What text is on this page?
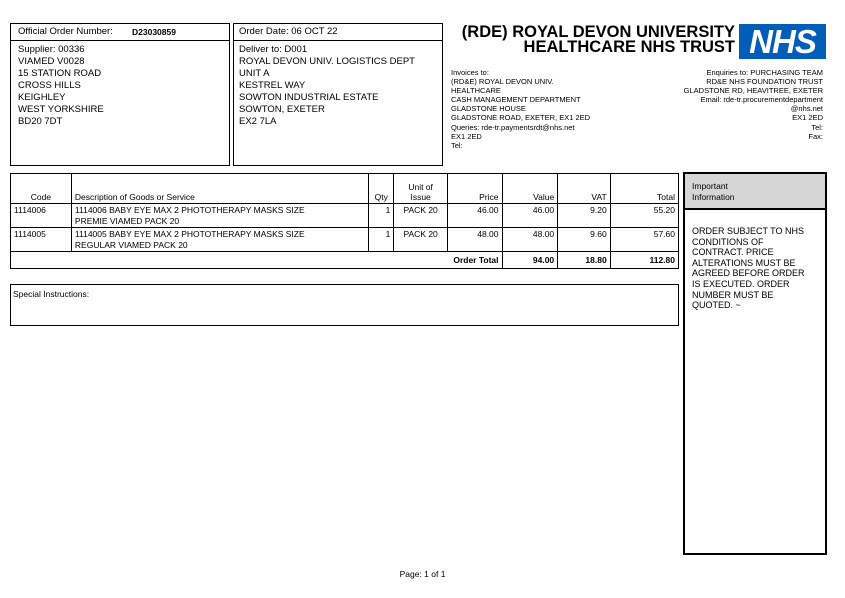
Official Order Number: D23030859
Supplier: 00336
VIAMED V0028
15 STATION ROAD
CROSS HILLS
KEIGHLEY
WEST YORKSHIRE
BD20 7DT
Order Date: 06 OCT 22
Deliver to: D001
ROYAL DEVON UNIV. LOGISTICS DEPT
UNIT A
KESTREL WAY
SOWTON INDUSTRIAL ESTATE
SOWTON, EXETER
EX2 7LA
(RDE) ROYAL DEVON UNIVERSITY
HEALTHCARE NHS TRUST NHS
Invoices to:
(RD&E) ROYAL DEVON UNIV.
HEALTHCARE
CASH MANAGEMENT DEPARTMENT
GLADSTONE HOUSE
GLADSTONE ROAD, EXETER, EX1 2ED
Queries: rde-tr.paymentsrdt@nhs.net
EX1 2ED
Tel:
Enquiries to: PURCHASING TEAM
RD&E NHS FOUNDATION TRUST
GLADSTONE RD, HEAVITREE, EXETER
Email: rde-tr.procurementdepartment
@nhs.net
EX1 2ED
Tel:
Fax:
Code	Description of Goods or Service	Qty	Unit of
Issue	Price	Value	VAT	Total
1114006	1114006 BABY EYE MAX 2 PHOTOTHERAPY MASKS SIZE
PREMIE VIAMED PACK 20	1	PACK 20	46.00	46.00	9.20	55.20
1114005	1114005 BABY EYE MAX 2 PHOTOTHERAPY MASKS SIZE
REGULAR VIAMED PACK 20	1	PACK 20	48.00	48.00	9.60	57.60
Order Total					94.00	18.80	112.80
Special Instructions:
Important
Information
ORDER SUBJECT TO NHS
CONDITIONS OF
CONTRACT. PRICE
ALTERATIONS MUST BE
AGREED BEFORE ORDER
IS EXECUTED. ORDER
NUMBER MUST BE
QUOTED. ~
Page: 1 of 1
